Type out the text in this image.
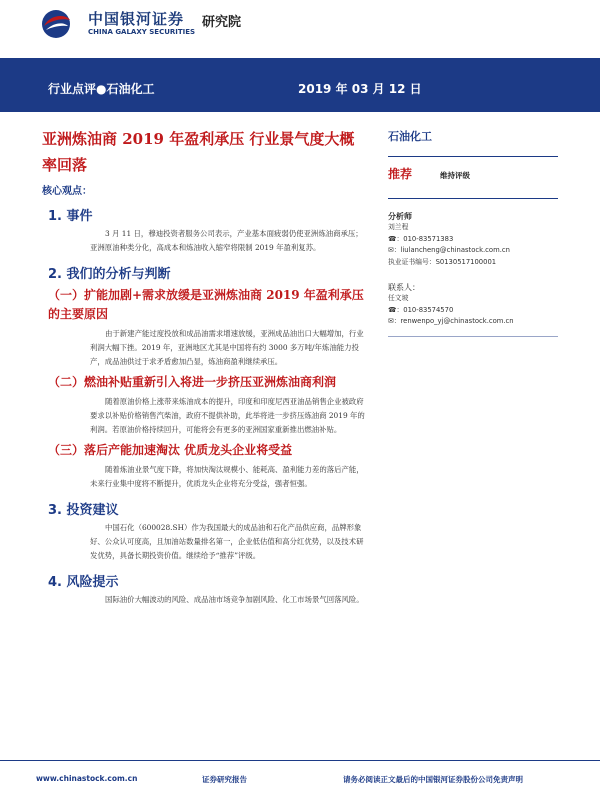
中国银河证券
CHINA GALAXY SECURITIES
研究院
行业点评●石油化工	2019 年 03 月 12 日
亚洲炼油商 2019 年盈利承压 行业景气度大概率回落
核心观点：
1. 事件
3 月 11 日，穆迪投资者服务公司表示，产业基本面疲弱仍使亚洲炼油商承压；亚洲原油种类分化，高成本和炼油收入缩窄将限制 2019 年盈利复苏。
2. 我们的分析与判断
（一）扩能加剧+需求放缓是亚洲炼油商 2019 年盈利承压的主要原因
由于新建产能过度投放和成品油需求增速放缓，亚洲成品油出口大幅增加，行业利润大幅下挫。2019 年，亚洲地区尤其是中国将有约 3000 多万吨/年炼油能力投产，成品油供过于求矛盾愈加凸显，炼油商盈利继续承压。
（二）燃油补贴重新引入将进一步挤压亚洲炼油商利润
随着原油价格上涨带来炼油成本的提升，印度和印度尼西亚油品销售企业被政府要求以补贴价格销售汽柴油，政府不提供补助，此举将进一步挤压炼油商 2019 年的利润。若原油价格持续回升，可能将会有更多的亚洲国家重新推出燃油补贴。
（三）落后产能加速淘汰 优质龙头企业将受益
随着炼油业景气度下降，将加快淘汰规模小、能耗高、盈利能力差的落后产能，未来行业集中度将不断提升，优质龙头企业将充分受益，强者恒强。
3. 投资建议
中国石化（600028.SH）作为我国最大的成品油和石化产品供应商，品牌形象好、公众认可度高，且加油站数量排名第一，企业低估值和高分红优势，以及技术研发优势，具备长期投资价值。继续给予“推荐”评级。
4. 风险提示
国际油价大幅波动的风险、成品油市场竞争加剧风险、化工市场景气回落风险。
石油化工
推荐	维持评级
分析师
刘兰程
☎：010-83571383
✉：liulancheng@chinastock.com.cn
执业证书编号：S0130517100001
联系人：
任文坡
☎：010-83574570
✉：renwenpo_yj@chinastock.com.cn
www.chinastock.com.cn	证券研究报告	请务必阅读正文最后的中国银河证券股份公司免责声明
